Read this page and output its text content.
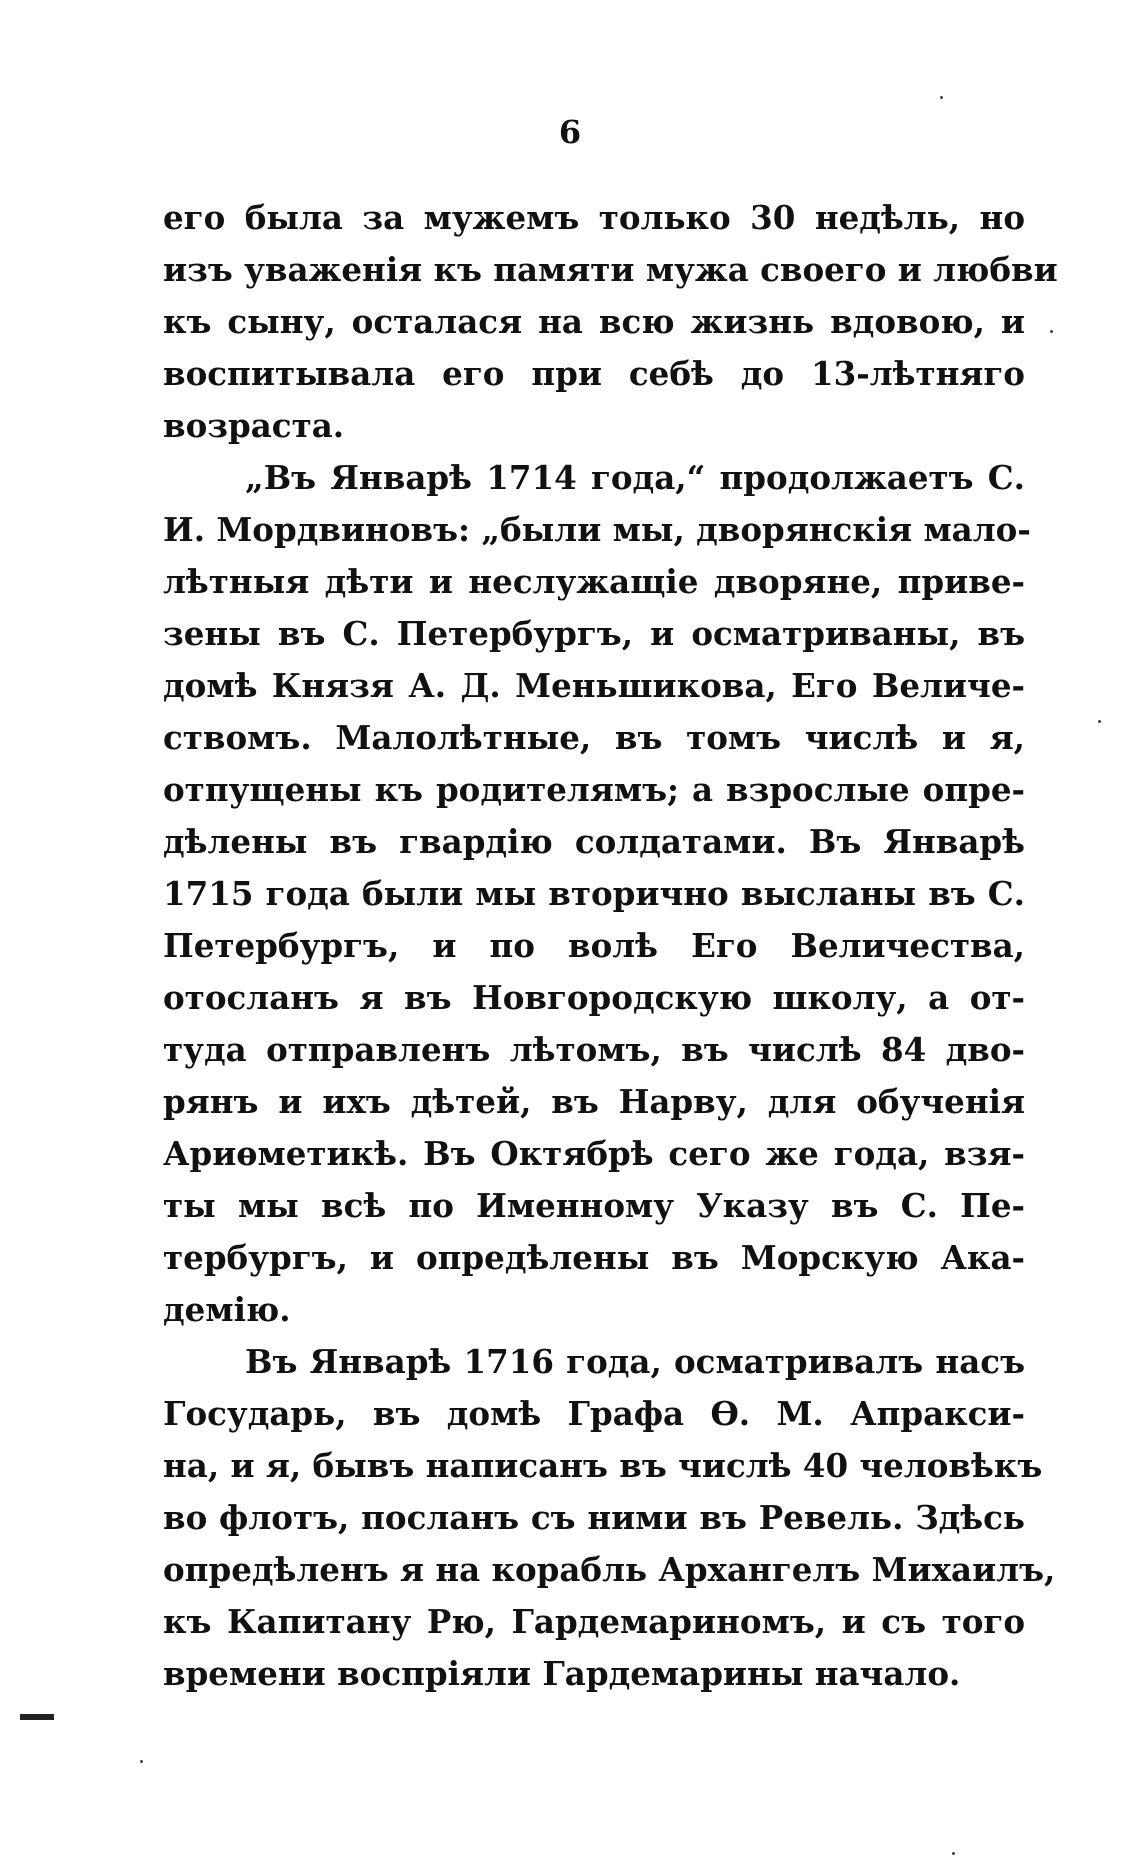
6
его была за мужемъ только 30 недѣль, но
изъ уваженія къ памяти мужа своего и любви
къ сыну, осталася на всю жизнь вдовою, и
воспитывала его при себѣ до 13-лѣтняго
возраста.
„Въ Январѣ 1714 года,“ продолжаетъ С.
И. Мордвиновъ: „были мы, дворянскія мало-
лѣтныя дѣти и неслужащіе дворяне, приве-
зены въ С. Петербургъ, и осматриваны, въ
домѣ Князя А. Д. Меньшикова, Его Величе-
ствомъ. Малолѣтные, въ томъ числѣ и я,
отпущены къ родителямъ; а взрослые опре-
дѣлены въ гвардію солдатами. Въ Январѣ
1715 года были мы вторично высланы въ С.
Петербургъ, и по волѣ Его Величества,
отосланъ я въ Новгородскую школу, а от-
туда отправленъ лѣтомъ, въ числѣ 84 дво-
рянъ и ихъ дѣтей, въ Нарву, для обученія
Ариѳметикѣ. Въ Октябрѣ сего же года, взя-
ты мы всѣ по Именному Указу въ С. Пе-
тербургъ, и опредѣлены въ Морскую Ака-
демію.
Въ Январѣ 1716 года, осматривалъ насъ
Государь, въ домѣ Графа Ѳ. М. Апракси-
на, и я, бывъ написанъ въ числѣ 40 человѣкъ
во флотъ, посланъ съ ними въ Ревель. Здѣсь
опредѣленъ я на корабль Архангелъ Михаилъ,
къ Капитану Рю, Гардемариномъ, и съ того
времени воспріяли Гардемарины начало.
